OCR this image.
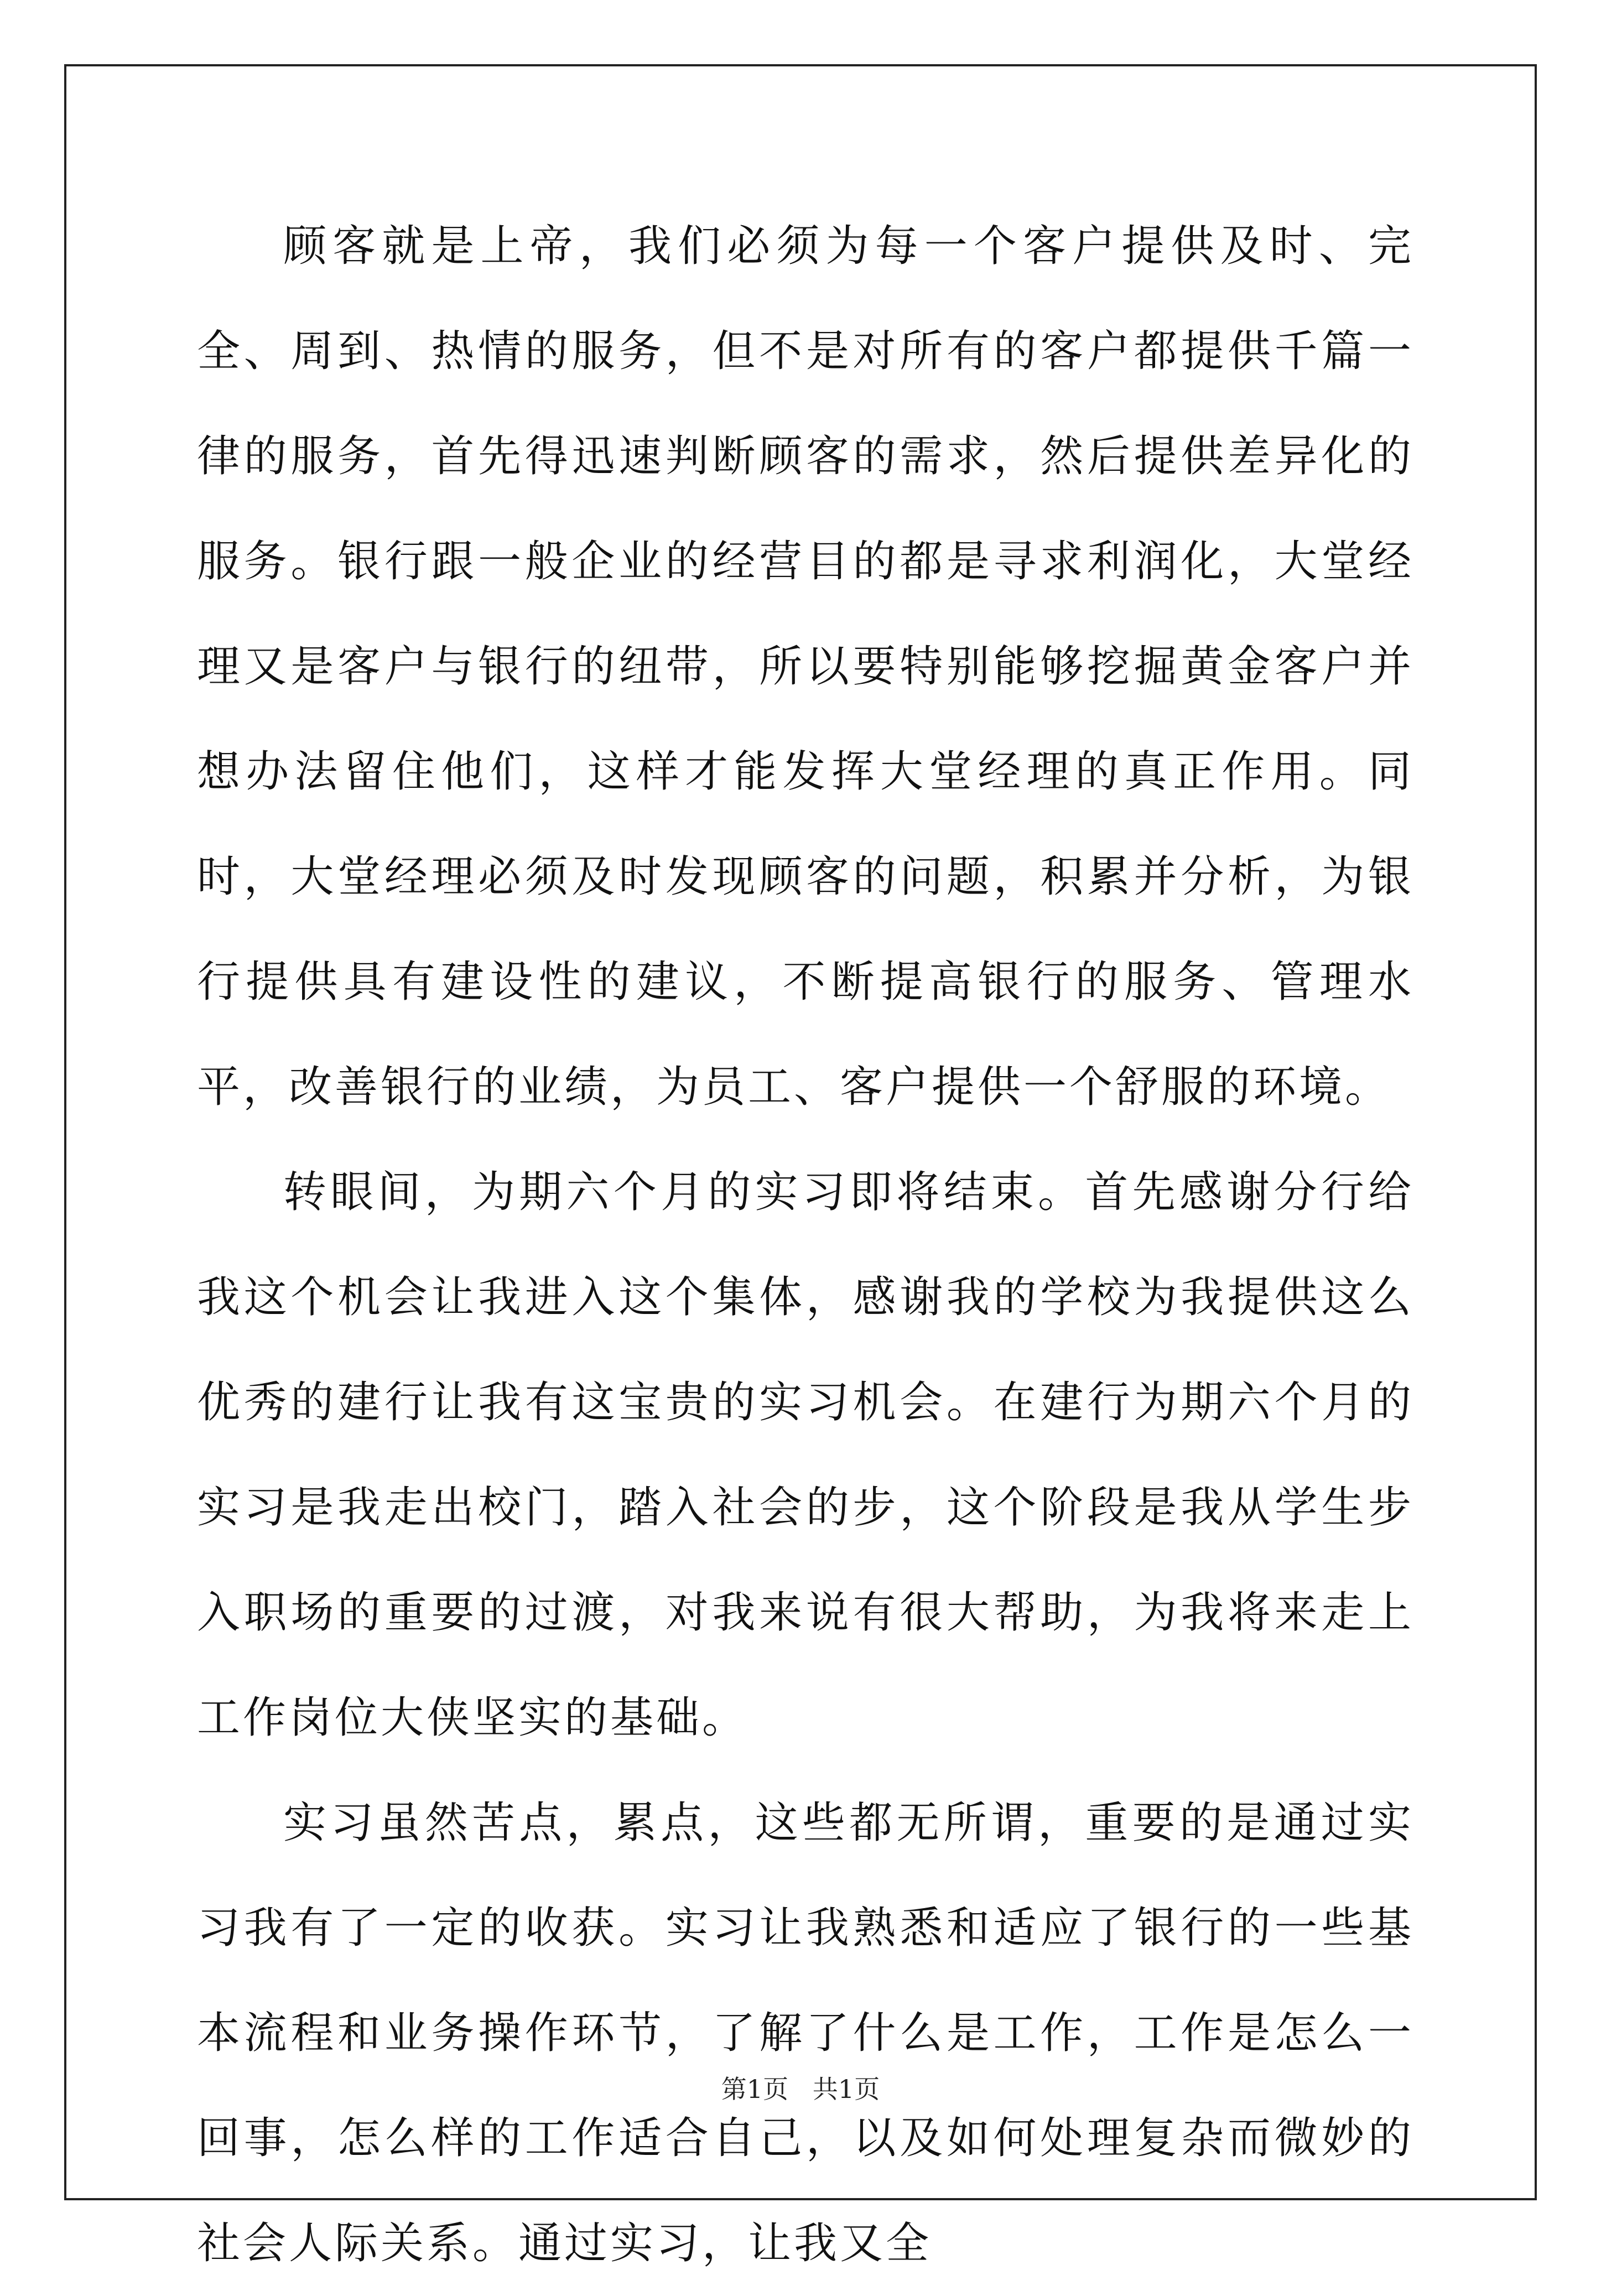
顾客就是上帝，我们必须为每一个客户提供及时、完全、周到、热情的服务，但不是对所有的客户都提供千篇一律的服务，首先得迅速判断顾客的需求，然后提供差异化的服务。银行跟一般企业的经营目的都是寻求利润化，大堂经理又是客户与银行的纽带，所以要特别能够挖掘黄金客户并想办法留住他们，这样才能发挥大堂经理的真正作用。同时，大堂经理必须及时发现顾客的问题，积累并分析，为银行提供具有建设性的建议，不断提高银行的服务、管理水平，改善银行的业绩，为员工、客户提供一个舒服的环境。

转眼间，为期六个月的实习即将结束。首先感谢分行给我这个机会让我进入这个集体，感谢我的学校为我提供这么优秀的建行让我有这宝贵的实习机会。在建行为期六个月的实习是我走出校门，踏入社会的步，这个阶段是我从学生步入职场的重要的过渡，对我来说有很大帮助，为我将来走上工作岗位大侠坚实的基础。

实习虽然苦点，累点，这些都无所谓，重要的是通过实习我有了一定的收获。实习让我熟悉和适应了银行的一些基本流程和业务操作环节，了解了什么是工作，工作是怎么一回事，怎么样的工作适合自己，以及如何处理复杂而微妙的社会人际关系。通过实习，让我又全

第1页   共1页
